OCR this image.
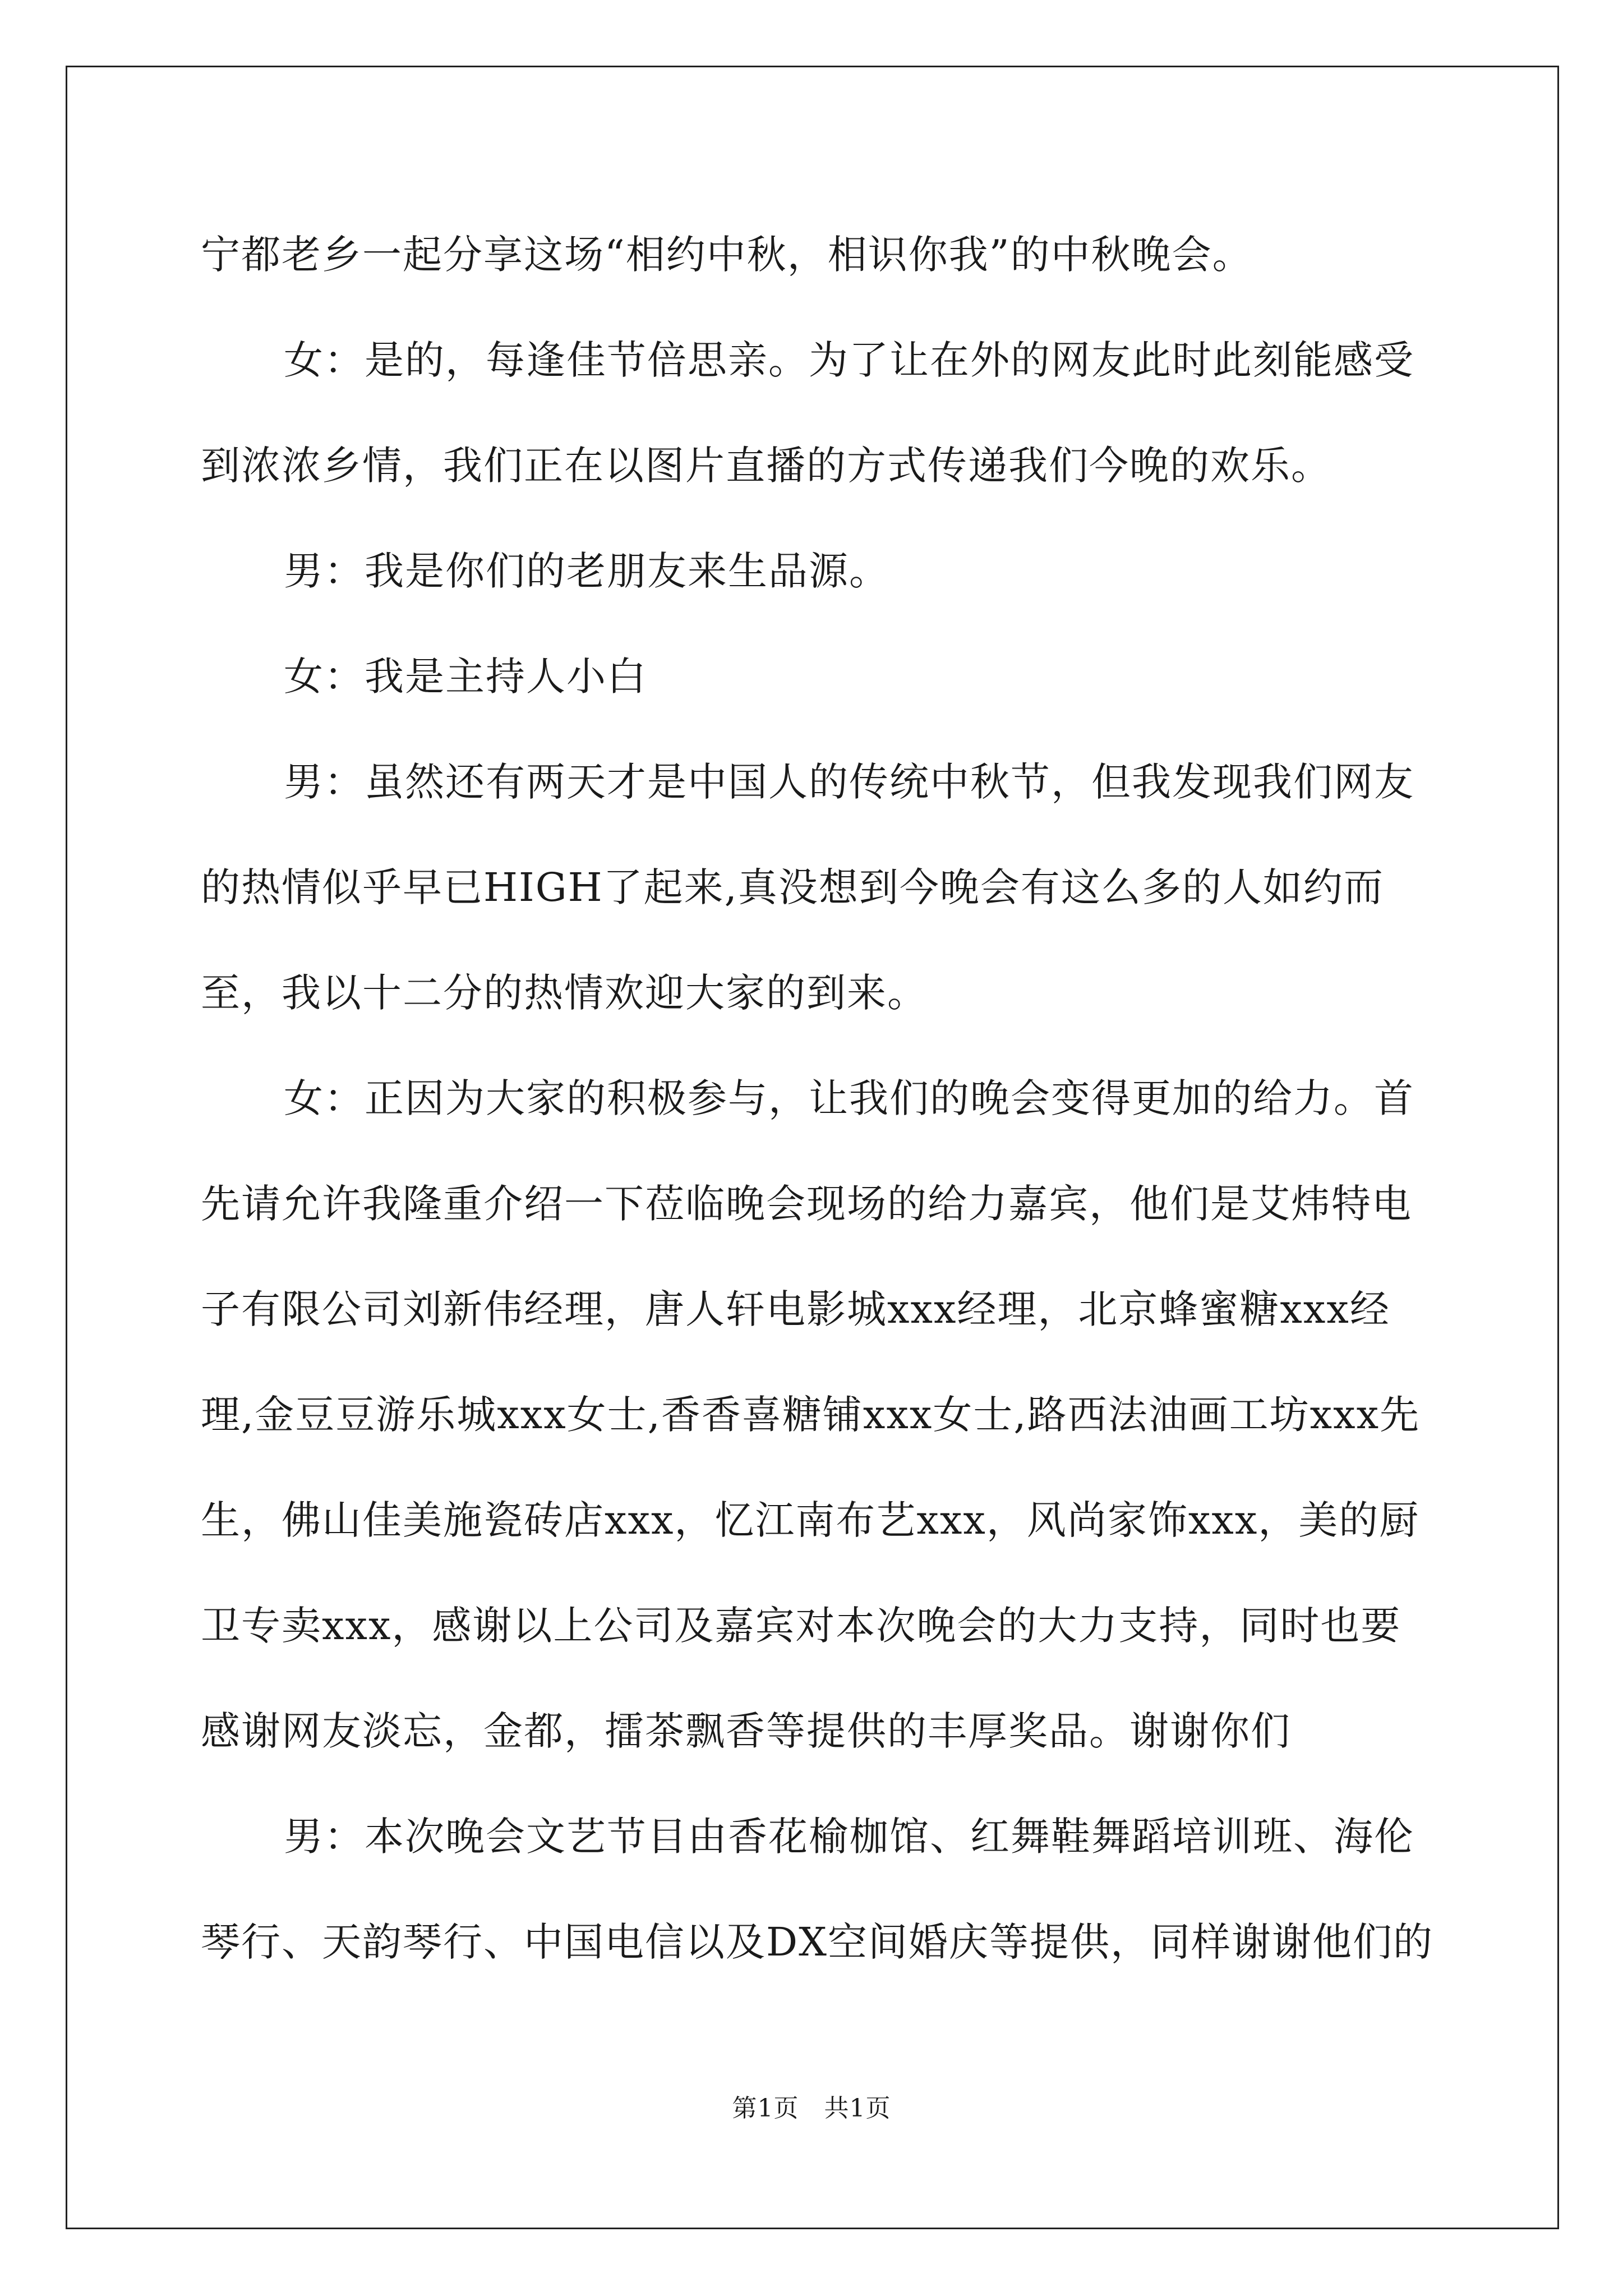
宁都老乡一起分享这场“相约中秋，相识你我”的中秋晚会。

女：是的，每逢佳节倍思亲。为了让在外的网友此时此刻能感受到浓浓乡情，我们正在以图片直播的方式传递我们今晚的欢乐。

男：我是你们的老朋友来生品源。

女：我是主持人小白

男：虽然还有两天才是中国人的传统中秋节，但我发现我们网友的热情似乎早已HIGH了起来,真没想到今晚会有这么多的人如约而至，我以十二分的热情欢迎大家的到来。

女：正因为大家的积极参与，让我们的晚会变得更加的给力。首先请允许我隆重介绍一下莅临晚会现场的给力嘉宾，他们是艾炜特电子有限公司刘新伟经理，唐人轩电影城xxx经理，北京蜂蜜糖xxx经理,金豆豆游乐城xxx女士,香香喜糖铺xxx女士,路西法油画工坊xxx先生，佛山佳美施瓷砖店xxx，忆江南布艺xxx，风尚家饰xxx，美的厨卫专卖xxx，感谢以上公司及嘉宾对本次晚会的大力支持，同时也要感谢网友淡忘，金都，擂茶飘香等提供的丰厚奖品。谢谢你们

男：本次晚会文艺节目由香花榆枷馆、红舞鞋舞蹈培训班、海伦琴行、天韵琴行、中国电信以及DX空间婚庆等提供，同样谢谢他们的

第1页　共1页
